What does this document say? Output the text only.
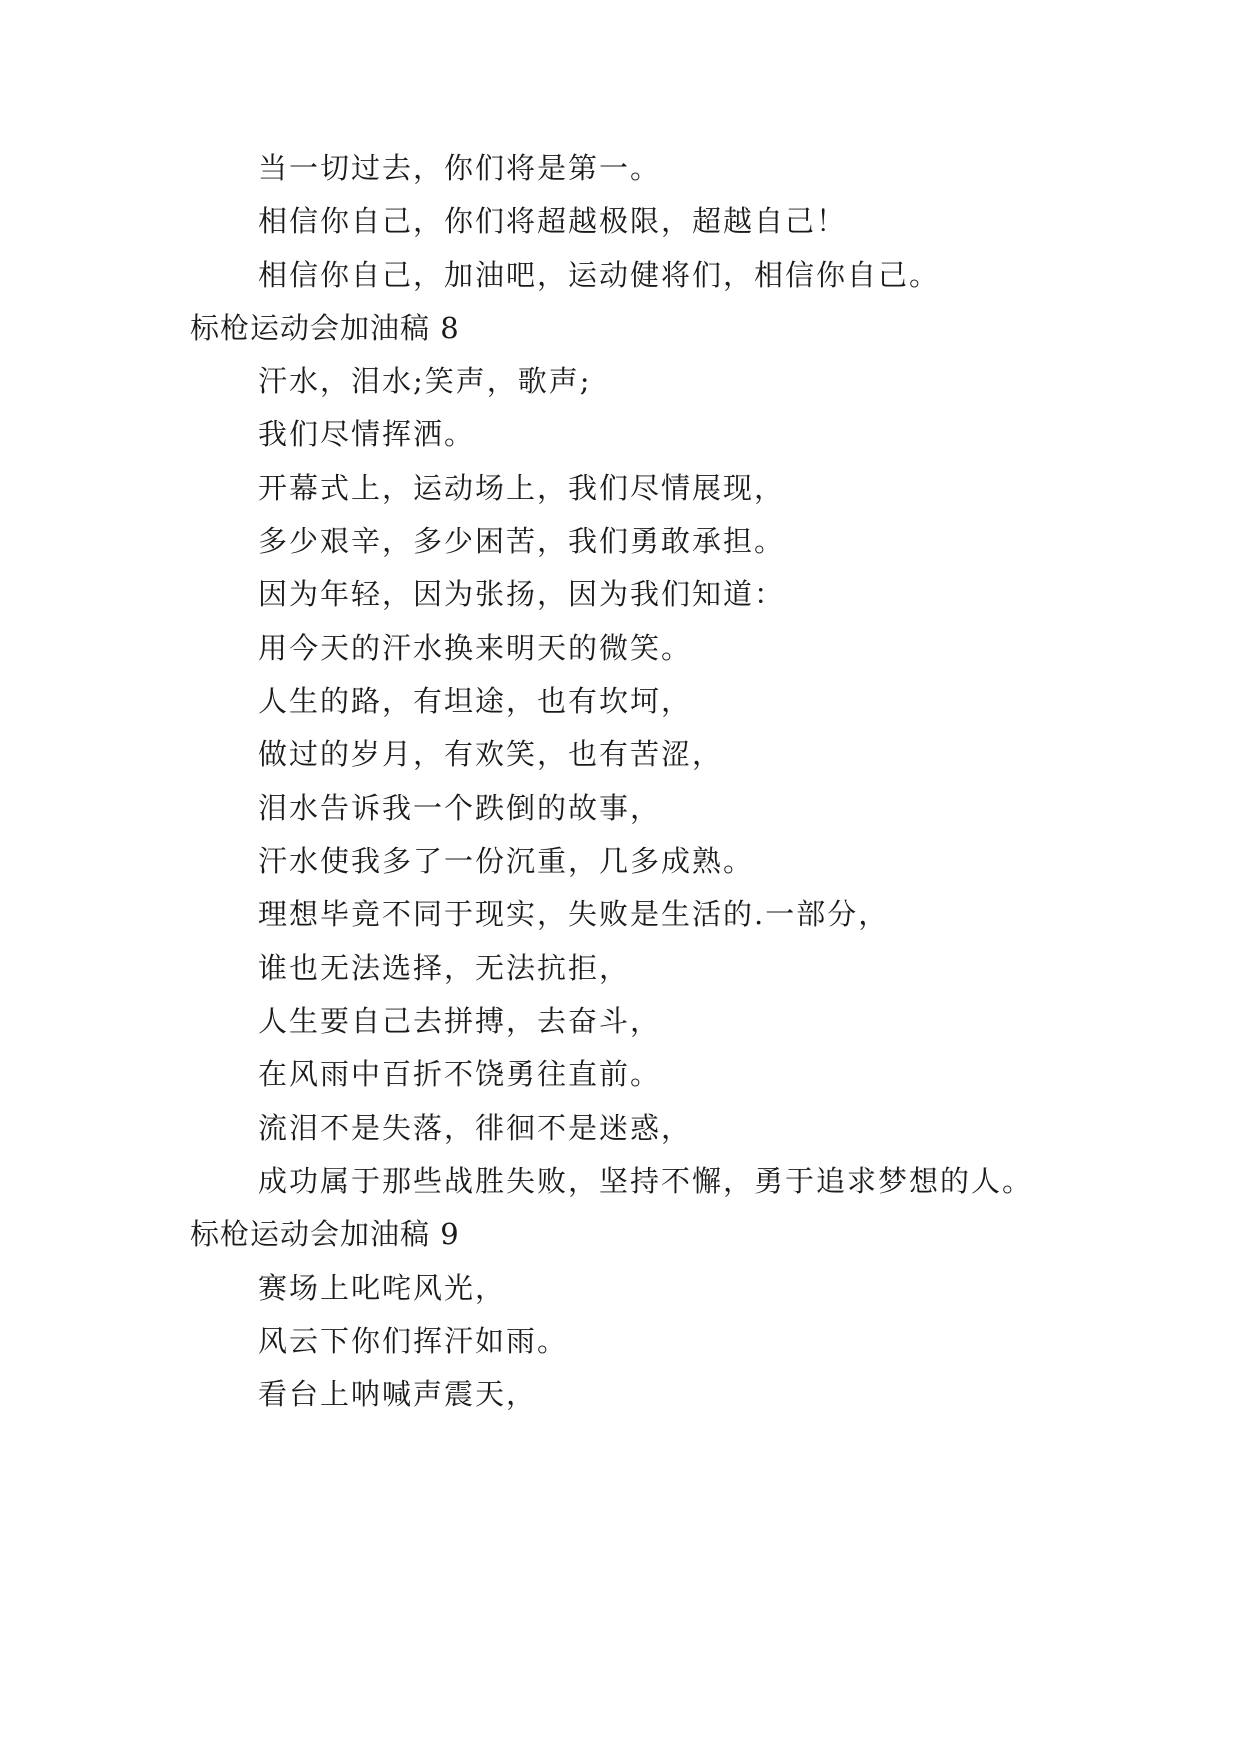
当一切过去，你们将是第一。
相信你自己，你们将超越极限，超越自己！
相信你自己，加油吧，运动健将们，相信你自己。
标枪运动会加油稿 8
汗水，泪水;笑声，歌声;
我们尽情挥洒。
开幕式上，运动场上，我们尽情展现，
多少艰辛，多少困苦，我们勇敢承担。
因为年轻，因为张扬，因为我们知道：
用今天的汗水换来明天的微笑。
人生的路，有坦途，也有坎坷，
做过的岁月，有欢笑，也有苦涩，
泪水告诉我一个跌倒的故事，
汗水使我多了一份沉重，几多成熟。
理想毕竟不同于现实，失败是生活的.一部分，
谁也无法选择，无法抗拒，
人生要自己去拼搏，去奋斗，
在风雨中百折不饶勇往直前。
流泪不是失落，徘徊不是迷惑，
成功属于那些战胜失败，坚持不懈，勇于追求梦想的人。
标枪运动会加油稿 9
赛场上叱咤风光，
风云下你们挥汗如雨。
看台上呐喊声震天，
